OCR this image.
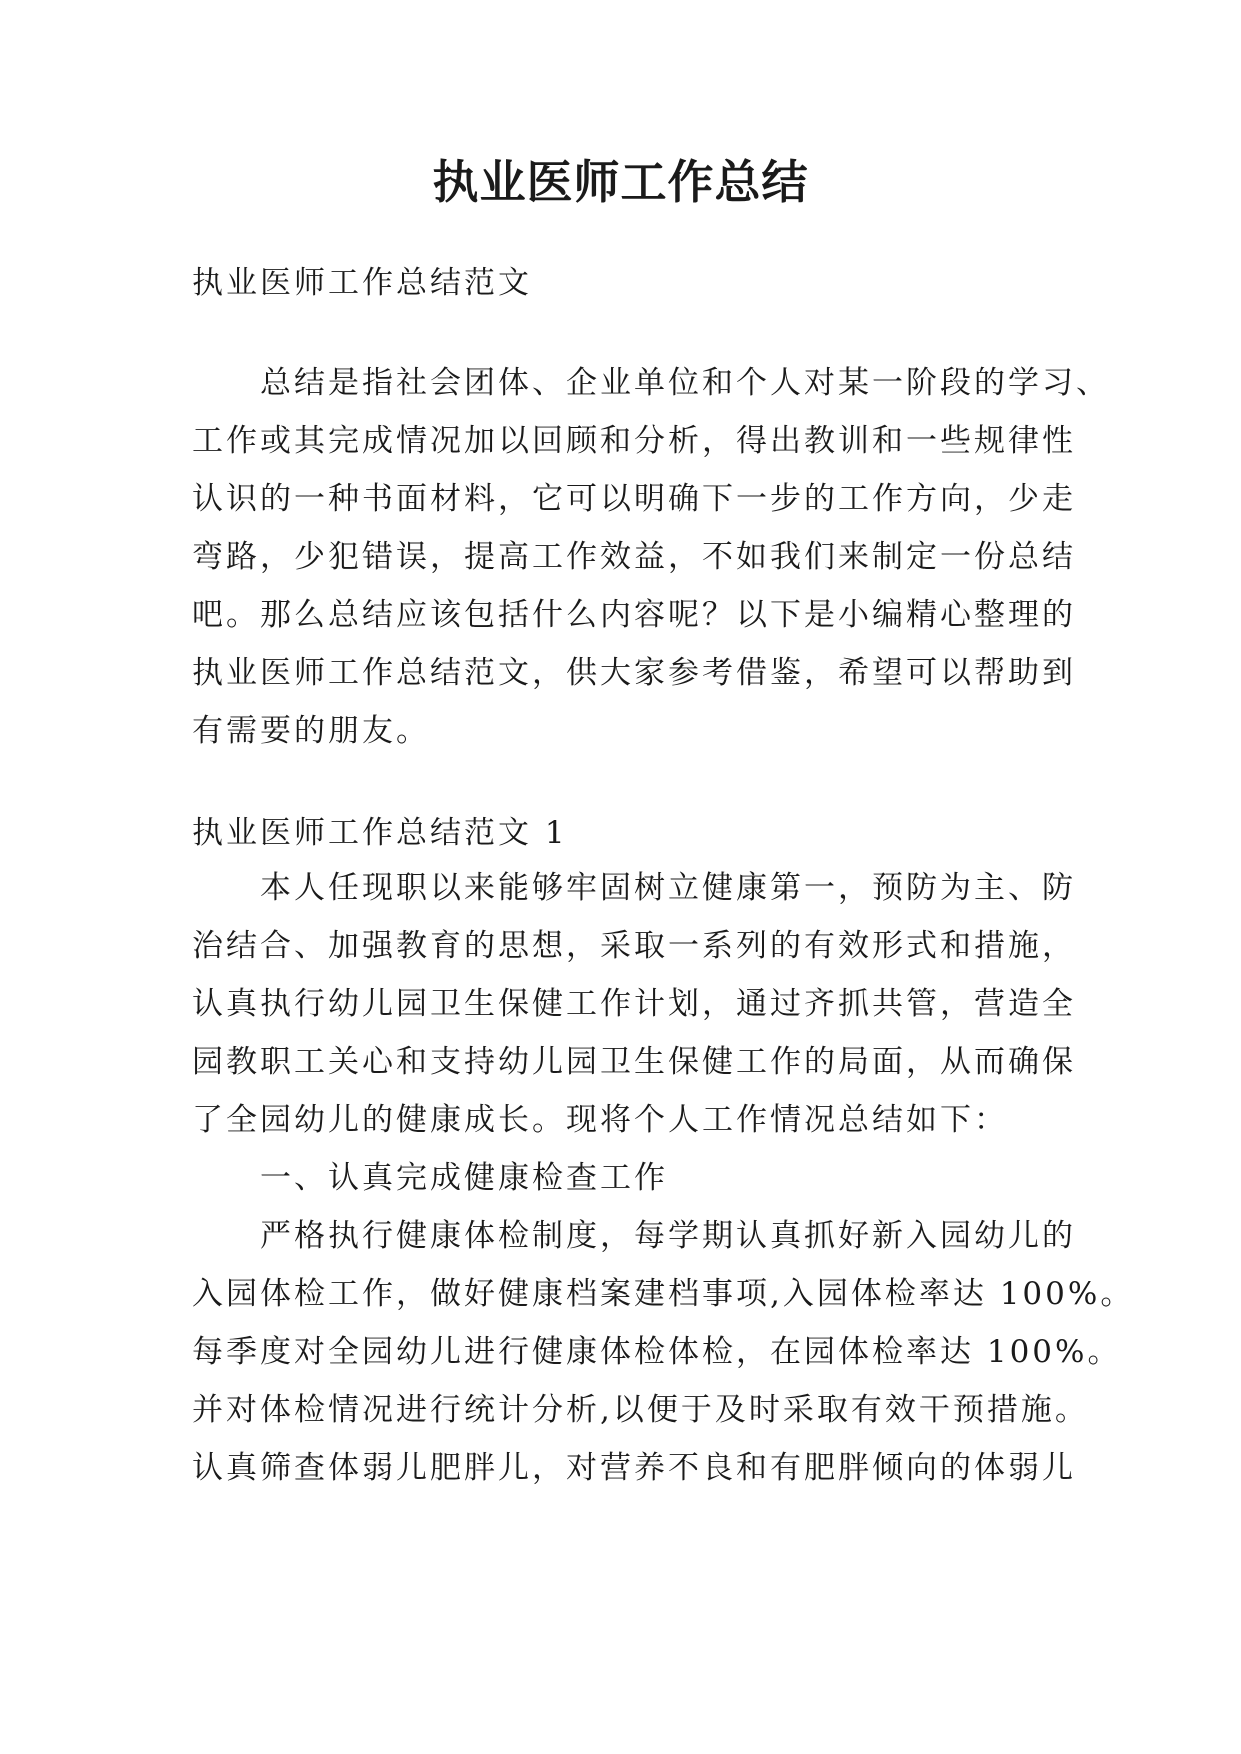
执业医师工作总结

执业医师工作总结范文

总结是指社会团体、企业单位和个人对某一阶段的学习、
工作或其完成情况加以回顾和分析，得出教训和一些规律性
认识的一种书面材料，它可以明确下一步的工作方向，少走
弯路，少犯错误，提高工作效益，不如我们来制定一份总结
吧。那么总结应该包括什么内容呢？以下是小编精心整理的
执业医师工作总结范文，供大家参考借鉴，希望可以帮助到
有需要的朋友。

执业医师工作总结范文 1

本人任现职以来能够牢固树立健康第一，预防为主、防
治结合、加强教育的思想，采取一系列的有效形式和措施，
认真执行幼儿园卫生保健工作计划，通过齐抓共管，营造全
园教职工关心和支持幼儿园卫生保健工作的局面，从而确保
了全园幼儿的健康成长。现将个人工作情况总结如下：

一、认真完成健康检查工作

严格执行健康体检制度，每学期认真抓好新入园幼儿的
入园体检工作，做好健康档案建档事项,入园体检率达 100%。
每季度对全园幼儿进行健康体检体检，在园体检率达 100%。
并对体检情况进行统计分析,以便于及时采取有效干预措施。
认真筛查体弱儿肥胖儿，对营养不良和有肥胖倾向的体弱儿
